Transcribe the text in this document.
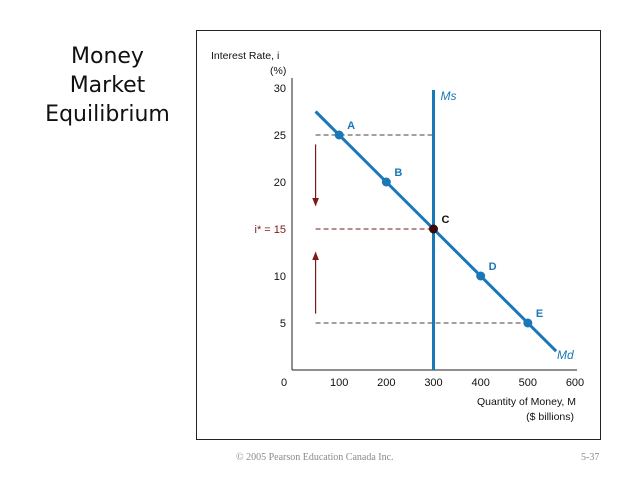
Money Market
Equilibrium
30
25
20
10
5
i* = 15
0	100	200	300	400	500	600
Interest Rate, i
(%)
Quantity of Money, M
($ billions)
Ms
Md
A
B
C
D
E
© 2005 Pearson Education Canada Inc.	5-37
